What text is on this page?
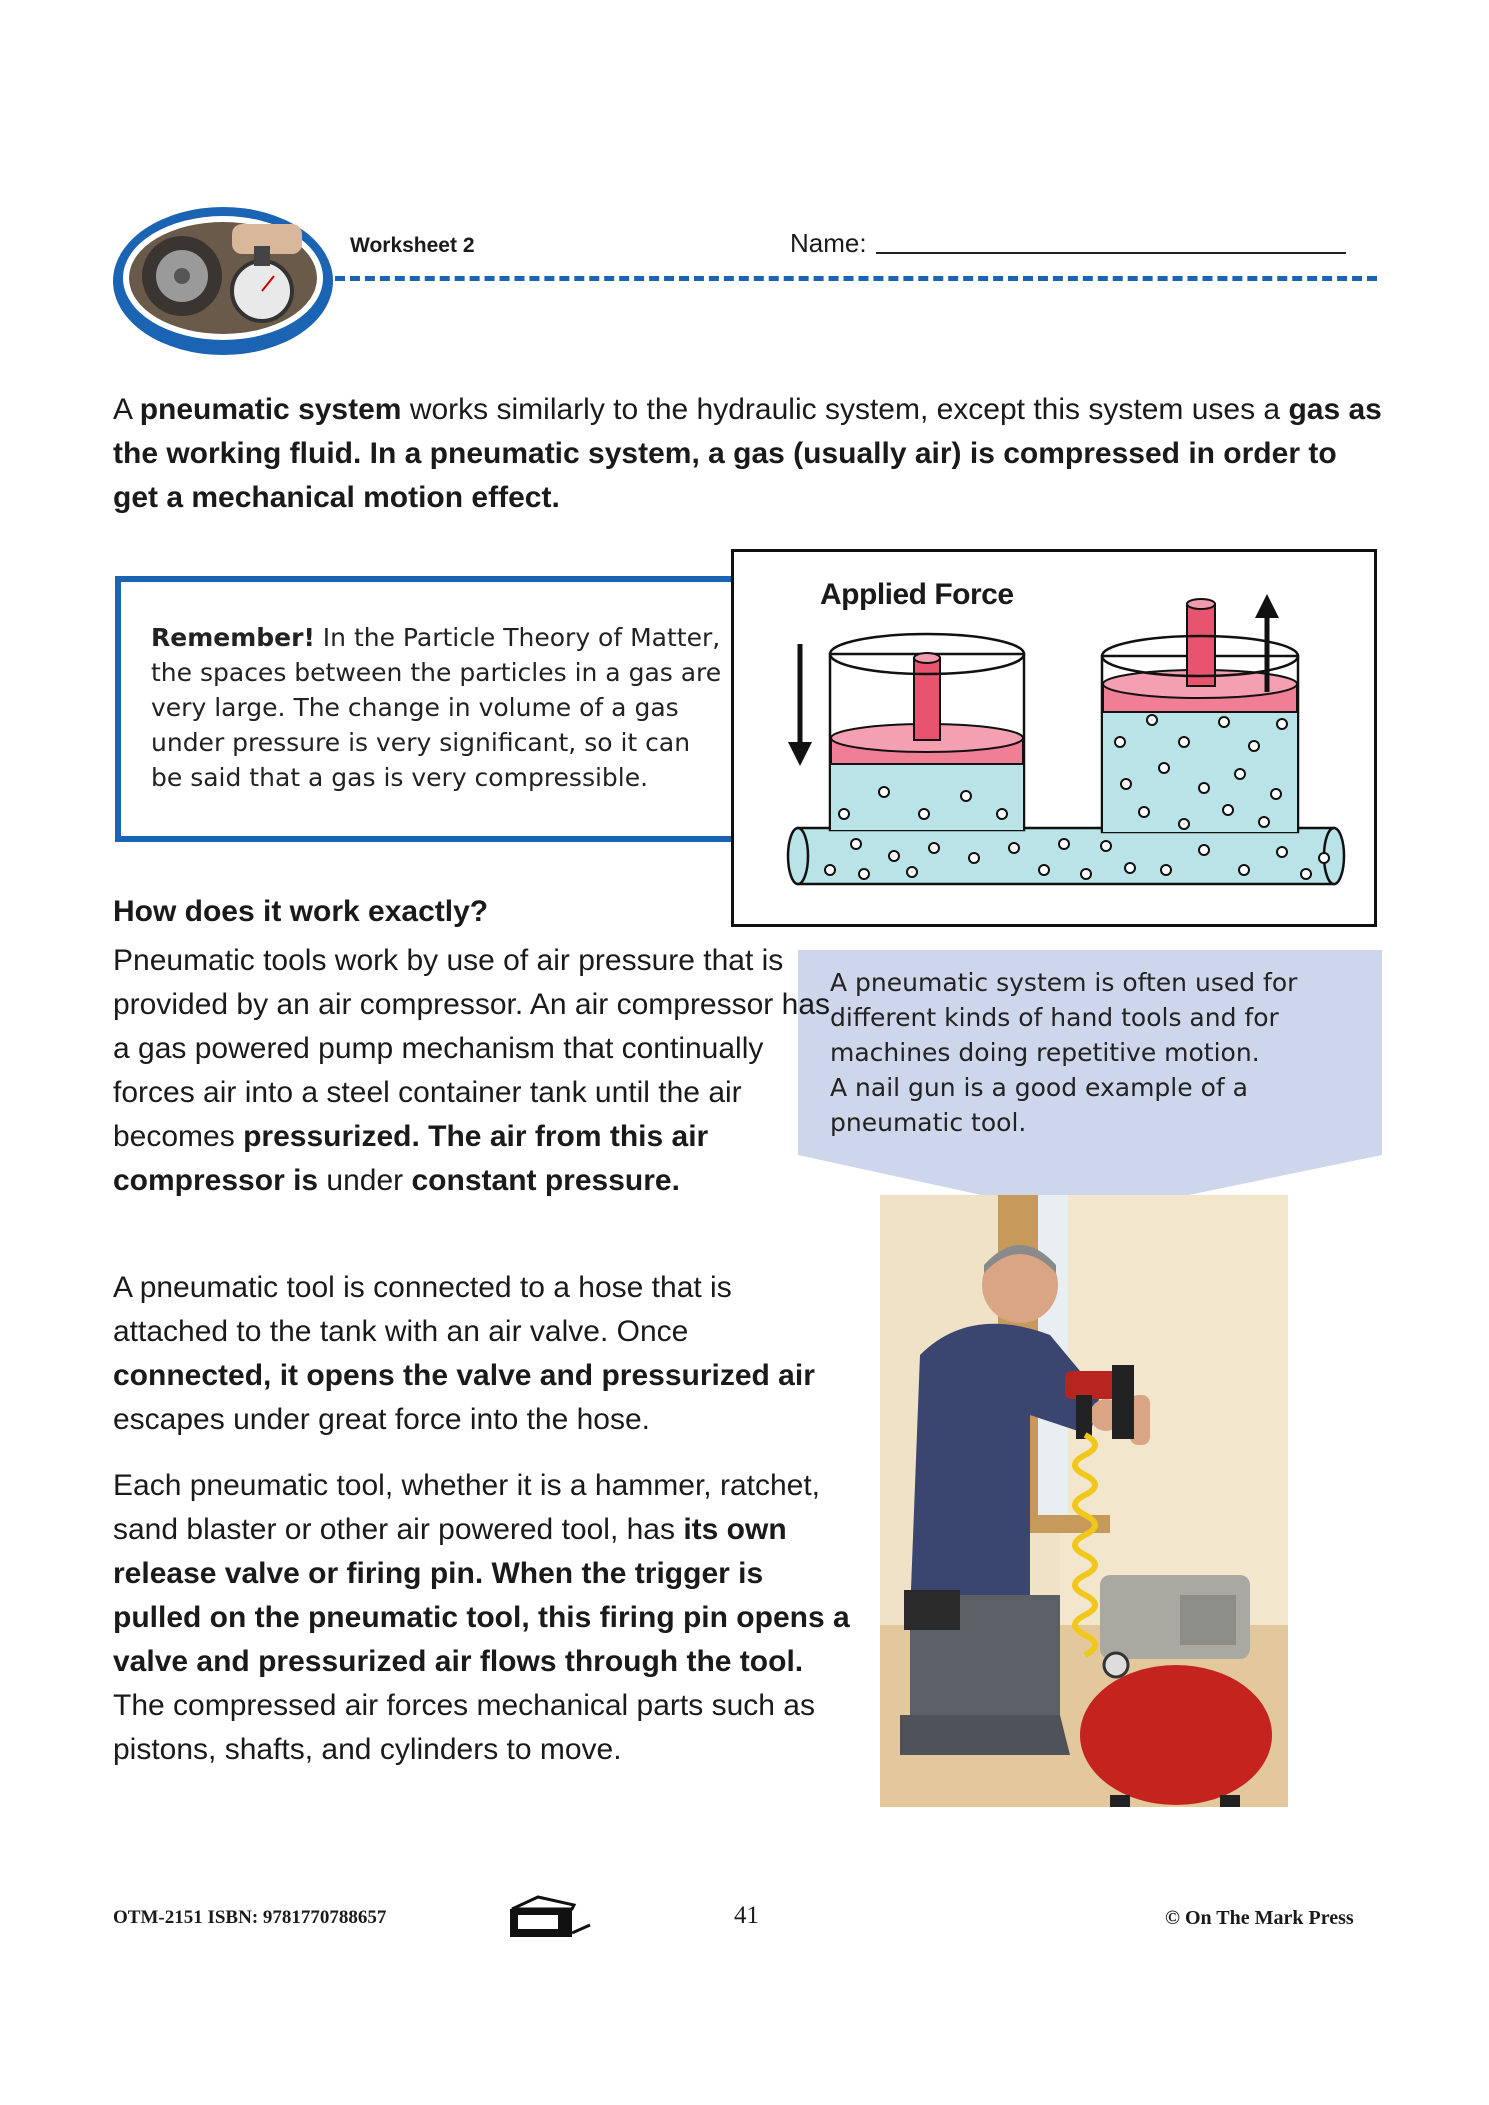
Worksheet 2	Name:
A pneumatic system works similarly to the hydraulic system, except this system uses a gas as the working fluid. In a pneumatic system, a gas (usually air) is compressed in order to get a mechanical motion effect.
Remember! In the Particle Theory of Matter, the spaces between the particles in a gas are very large. The change in volume of a gas under pressure is very significant, so it can be said that a gas is very compressible.
Applied Force
A pneumatic system is often used for different kinds of hand tools and for machines doing repetitive motion.
A nail gun is a good example of a pneumatic tool.
How does it work exactly?
Pneumatic tools work by use of air pressure that is provided by an air compressor. An air compressor has a gas powered pump mechanism that continually forces air into a steel container tank until the air becomes pressurized. The air from this air compressor is under constant pressure.
A pneumatic tool is connected to a hose that is attached to the tank with an air valve. Once connected, it opens the valve and pressurized air escapes under great force into the hose.
Each pneumatic tool, whether it is a hammer, ratchet, sand blaster or other air powered tool, has its own release valve or firing pin. When the trigger is pulled on the pneumatic tool, this firing pin opens a valve and pressurized air flows through the tool. The compressed air forces mechanical parts such as pistons, shafts, and cylinders to move.
OTM-2151 ISBN: 9781770788657	41	© On The Mark Press
